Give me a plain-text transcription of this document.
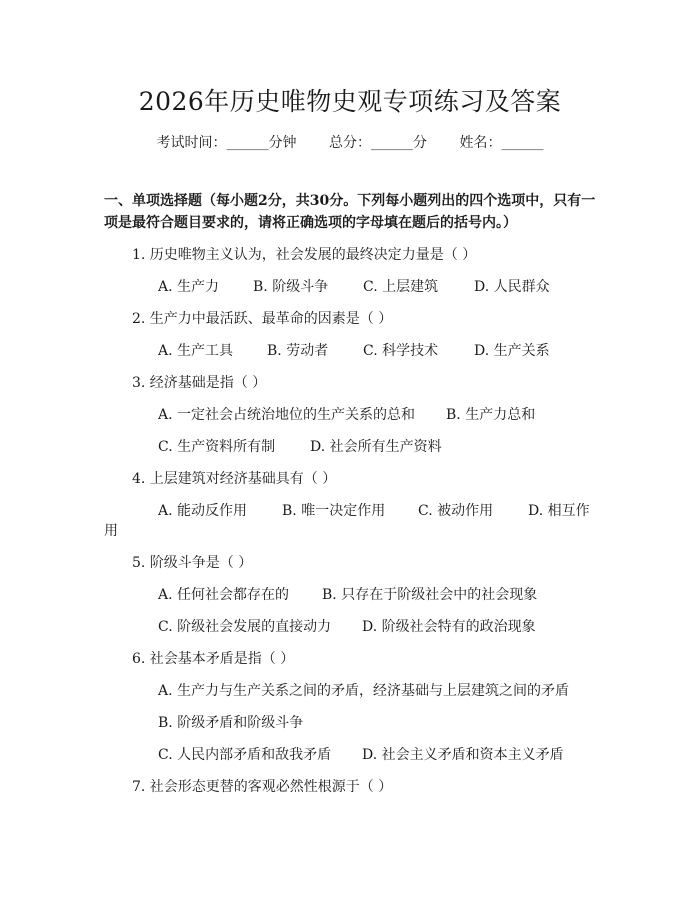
2026年历史唯物史观专项练习及答案
考试时间：______分钟 总分：______分 姓名：______
一、单项选择题（每小题2分，共30分。下列每小题列出的四个选项中，只有一项是最符合题目要求的，请将正确选项的字母填在题后的括号内。）
1. 历史唯物主义认为，社会发展的最终决定力量是（ ）
A. 生产力 B. 阶级斗争 C. 上层建筑	D. 人民群众
2. 生产力中最活跃、最革命的因素是（ ）
A. 生产工具 B. 劳动者 C. 科学技术	D. 生产关系
3. 经济基础是指（ ）
A. 一定社会占统治地位的生产关系的总和 B. 生产力总和
C. 生产资料所有制 D. 社会所有生产资料
4. 上层建筑对经济基础具有（ ）
A. 能动反作用 B. 唯一决定作用 C. 被动作用 D. 相互作
用
5. 阶级斗争是（ ）
A. 任何社会都存在的 B. 只存在于阶级社会中的社会现象
C. 阶级社会发展的直接动力 D. 阶级社会特有的政治现象
6. 社会基本矛盾是指（ ）
A. 生产力与生产关系之间的矛盾，经济基础与上层建筑之间的矛盾
B. 阶级矛盾和阶级斗争
C. 人民内部矛盾和敌我矛盾 D. 社会主义矛盾和资本主义矛盾
7. 社会形态更替的客观必然性根源于（ ）
